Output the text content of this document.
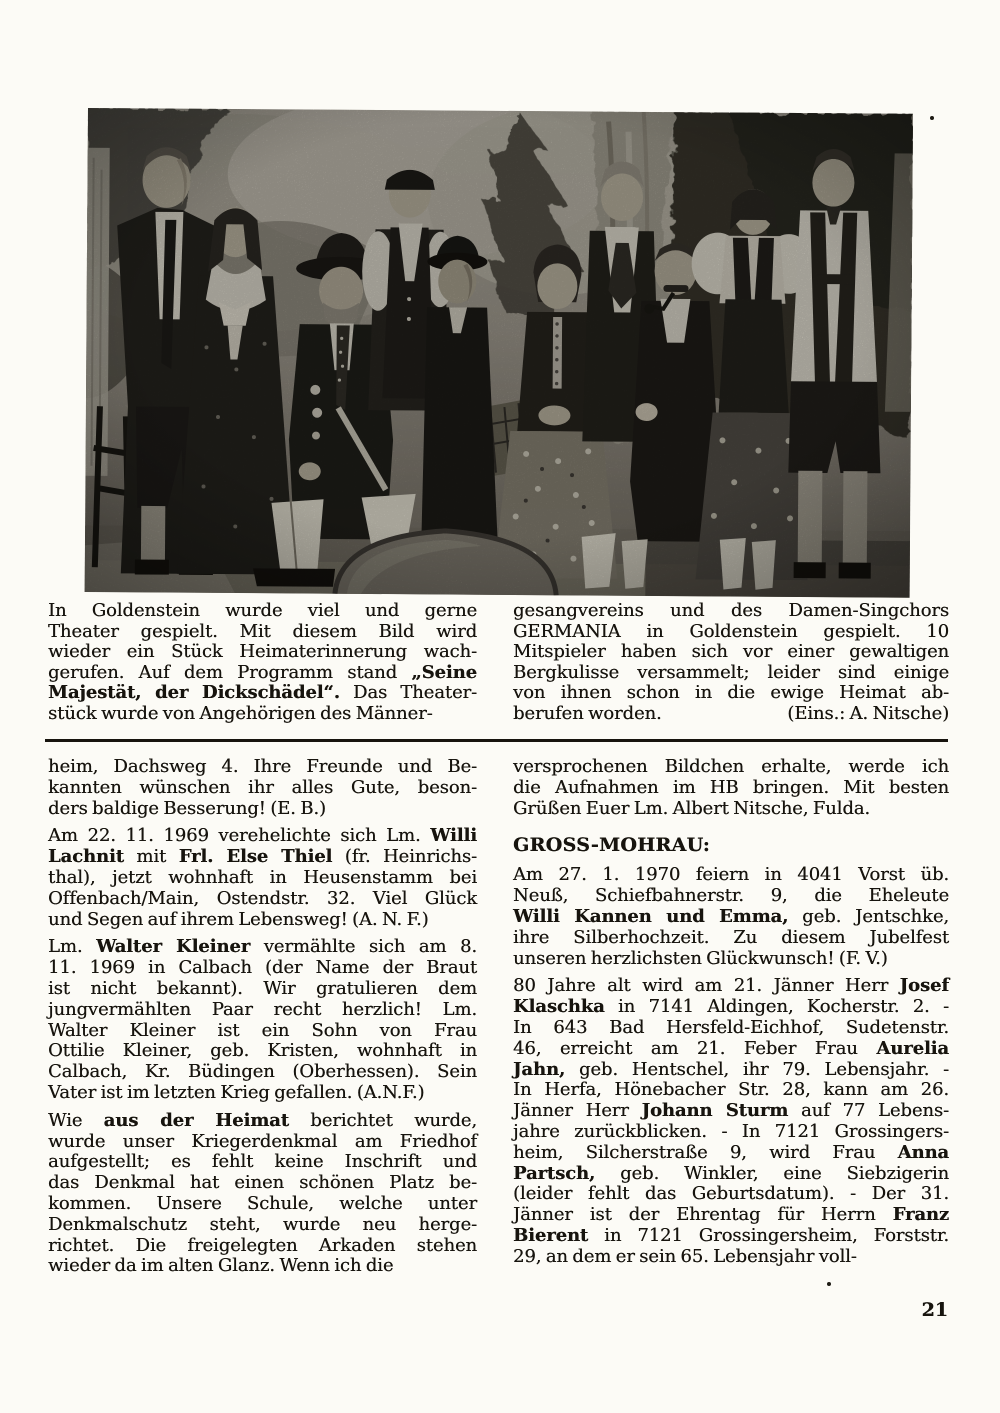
In Goldenstein wurde viel und gerne
Theater gespielt. Mit diesem Bild wird
wieder ein Stück Heimaterinnerung wach-
gerufen. Auf dem Programm stand „Seine
Majestät, der Dickschädel“. Das Theater-
stück wurde von Angehörigen des Männer-
gesangvereins und des Damen-Singchors
GERMANIA in Goldenstein gespielt. 10
Mitspieler haben sich vor einer gewaltigen
Bergkulisse versammelt; leider sind einige
von ihnen schon in die ewige Heimat ab-
berufen worden.	(Eins.: A. Nitsche)
heim, Dachsweg 4. Ihre Freunde und Be-
kannten wünschen ihr alles Gute, beson-
ders baldige Besserung! (E. B.)
Am 22. 11. 1969 verehelichte sich Lm. Willi
Lachnit mit Frl. Else Thiel (fr. Heinrichs-
thal), jetzt wohnhaft in Heusenstamm bei
Offenbach/Main, Ostendstr. 32. Viel Glück
und Segen auf ihrem Lebensweg! (A. N. F.)
Lm. Walter Kleiner vermählte sich am 8.
11. 1969 in Calbach (der Name der Braut
ist nicht bekannt). Wir gratulieren dem
jungvermählten Paar recht herzlich! Lm.
Walter Kleiner ist ein Sohn von Frau
Ottilie Kleiner, geb. Kristen, wohnhaft in
Calbach, Kr. Büdingen (Oberhessen). Sein
Vater ist im letzten Krieg gefallen. (A.N.F.)
Wie aus der Heimat berichtet wurde,
wurde unser Kriegerdenkmal am Friedhof
aufgestellt; es fehlt keine Inschrift und
das Denkmal hat einen schönen Platz be-
kommen. Unsere Schule, welche unter
Denkmalschutz steht, wurde neu herge-
richtet. Die freigelegten Arkaden stehen
wieder da im alten Glanz. Wenn ich die
versprochenen Bildchen erhalte, werde ich
die Aufnahmen im HB bringen. Mit besten
Grüßen Euer Lm. Albert Nitsche, Fulda.
GROSS-MOHRAU:
Am 27. 1. 1970 feiern in 4041 Vorst üb.
Neuß, Schiefbahnerstr. 9, die Eheleute
Willi Kannen und Emma, geb. Jentschke,
ihre Silberhochzeit. Zu diesem Jubelfest
unseren herzlichsten Glückwunsch! (F. V.)
80 Jahre alt wird am 21. Jänner Herr Josef
Klaschka in 7141 Aldingen, Kocherstr. 2. -
In 643 Bad Hersfeld-Eichhof, Sudetenstr.
46, erreicht am 21. Feber Frau Aurelia
Jahn, geb. Hentschel, ihr 79. Lebensjahr. -
In Herfa, Hönebacher Str. 28, kann am 26.
Jänner Herr Johann Sturm auf 77 Lebens-
jahre zurückblicken. - In 7121 Grossingers-
heim, Silcherstraße 9, wird Frau Anna
Partsch, geb. Winkler, eine Siebzigerin
(leider fehlt das Geburtsdatum). - Der 31.
Jänner ist der Ehrentag für Herrn Franz
Bierent in 7121 Grossingersheim, Forststr.
29, an dem er sein 65. Lebensjahr voll-
21
